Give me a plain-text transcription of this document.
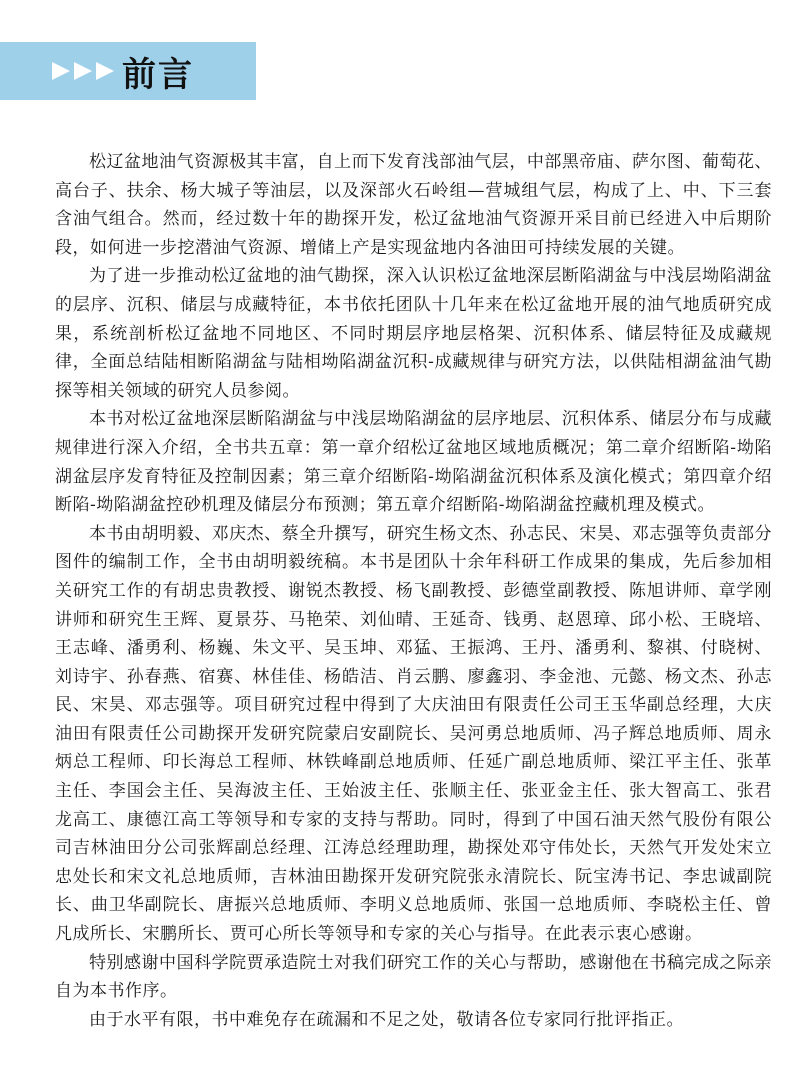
前言

松辽盆地油气资源极其丰富，自上而下发育浅部油气层，中部黑帝庙、萨尔图、葡萄花、高台子、扶余、杨大城子等油层，以及深部火石岭组—营城组气层，构成了上、中、下三套含油气组合。然而，经过数十年的勘探开发，松辽盆地油气资源开采目前已经进入中后期阶段，如何进一步挖潜油气资源、增储上产是实现盆地内各油田可持续发展的关键。

为了进一步推动松辽盆地的油气勘探，深入认识松辽盆地深层断陷湖盆与中浅层坳陷湖盆的层序、沉积、储层与成藏特征，本书依托团队十几年来在松辽盆地开展的油气地质研究成果，系统剖析松辽盆地不同地区、不同时期层序地层格架、沉积体系、储层特征及成藏规律，全面总结陆相断陷湖盆与陆相坳陷湖盆沉积-成藏规律与研究方法，以供陆相湖盆油气勘探等相关领域的研究人员参阅。

本书对松辽盆地深层断陷湖盆与中浅层坳陷湖盆的层序地层、沉积体系、储层分布与成藏规律进行深入介绍，全书共五章：第一章介绍松辽盆地区域地质概况；第二章介绍断陷-坳陷湖盆层序发育特征及控制因素；第三章介绍断陷-坳陷湖盆沉积体系及演化模式；第四章介绍断陷-坳陷湖盆控砂机理及储层分布预测；第五章介绍断陷-坳陷湖盆控藏机理及模式。

本书由胡明毅、邓庆杰、蔡全升撰写，研究生杨文杰、孙志民、宋昊、邓志强等负责部分图件的编制工作，全书由胡明毅统稿。本书是团队十余年科研工作成果的集成，先后参加相关研究工作的有胡忠贵教授、谢锐杰教授、杨飞副教授、彭德堂副教授、陈旭讲师、章学刚讲师和研究生王辉、夏景芬、马艳荣、刘仙晴、王延奇、钱勇、赵恩璋、邱小松、王晓培、王志峰、潘勇利、杨巍、朱文平、吴玉坤、邓猛、王振鸿、王丹、潘勇利、黎祺、付晓树、刘诗宇、孙春燕、宿赛、林佳佳、杨皓洁、肖云鹏、廖鑫羽、李金池、元懿、杨文杰、孙志民、宋昊、邓志强等。项目研究过程中得到了大庆油田有限责任公司王玉华副总经理，大庆油田有限责任公司勘探开发研究院蒙启安副院长、吴河勇总地质师、冯子辉总地质师、周永炳总工程师、印长海总工程师、林铁峰副总地质师、任延广副总地质师、梁江平主任、张革主任、李国会主任、吴海波主任、王始波主任、张顺主任、张亚金主任、张大智高工、张君龙高工、康德江高工等领导和专家的支持与帮助。同时，得到了中国石油天然气股份有限公司吉林油田分公司张辉副总经理、江涛总经理助理，勘探处邓守伟处长，天然气开发处宋立忠处长和宋文礼总地质师，吉林油田勘探开发研究院张永清院长、阮宝涛书记、李忠诚副院长、曲卫华副院长、唐振兴总地质师、李明义总地质师、张国一总地质师、李晓松主任、曾凡成所长、宋鹏所长、贾可心所长等领导和专家的关心与指导。在此表示衷心感谢。

特别感谢中国科学院贾承造院士对我们研究工作的关心与帮助，感谢他在书稿完成之际亲自为本书作序。

由于水平有限，书中难免存在疏漏和不足之处，敬请各位专家同行批评指正。
